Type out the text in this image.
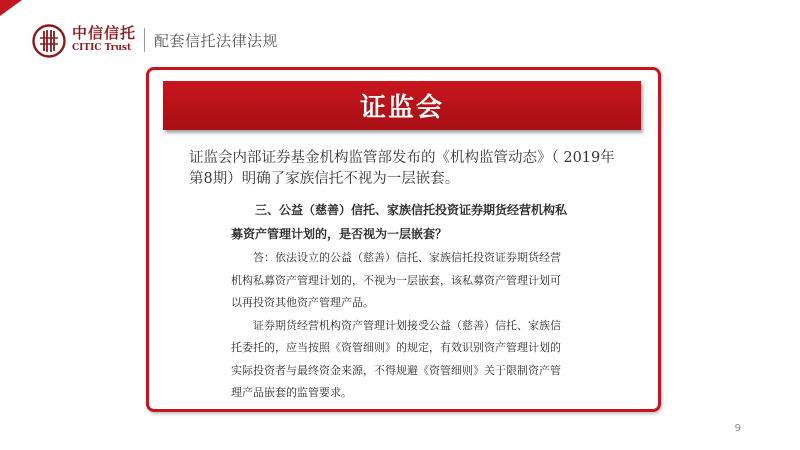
中信信托
CITIC Trust	配套信托法律法规
证监会
证监会内部证券基金机构监管部发布的《机构监管动态》（ 2019年第8期）明确了家族信托不视为一层嵌套。

三、公益（慈善）信托、家族信托投资证券期货经营机构私募资产管理计划的，是否视为一层嵌套？

答：依法设立的公益（慈善）信托、家族信托投资证券期货经营机构私募资产管理计划的，不视为一层嵌套，该私募资产管理计划可以再投资其他资产管理产品。

证券期货经营机构资产管理计划接受公益（慈善）信托、家族信托委托的，应当按照《资管细则》的规定，有效识别资产管理计划的实际投资者与最终资金来源，不得规避《资管细则》关于限制资产管理产品嵌套的监管要求。

9
